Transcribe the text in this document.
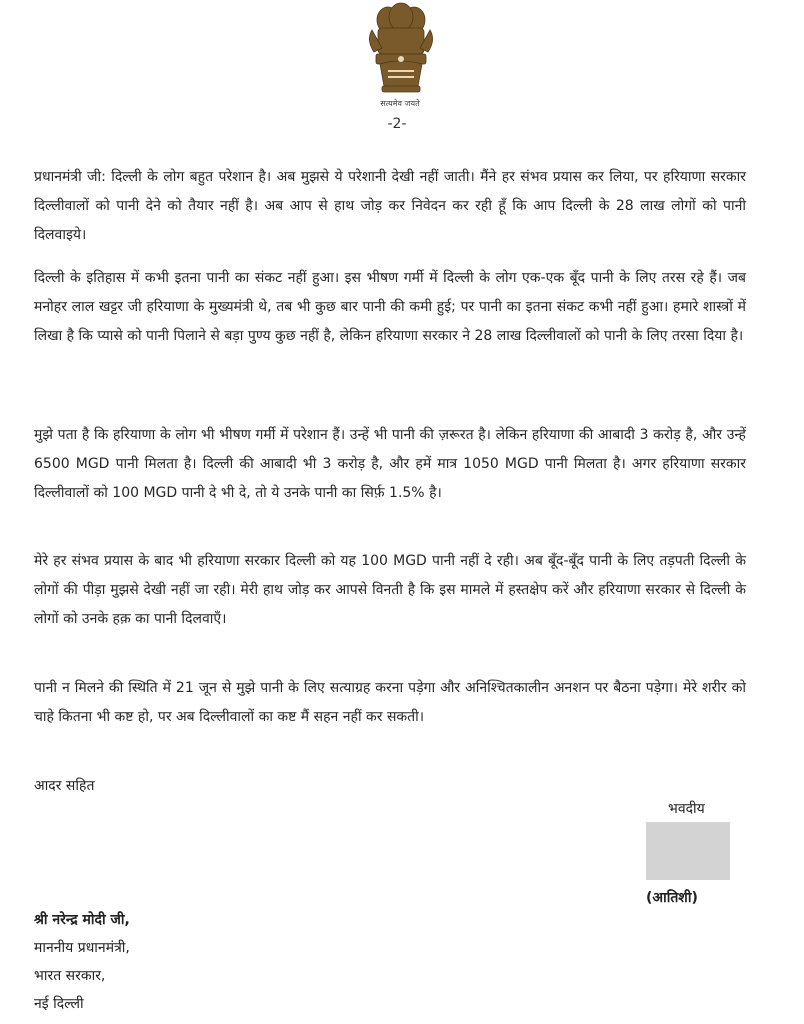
सत्यमेव जयते
-2-

प्रधानमंत्री जी: दिल्ली के लोग बहुत परेशान है। अब मुझसे ये परेशानी देखी नहीं जाती। मैंने हर संभव प्रयास कर लिया, पर हरियाणा सरकार दिल्लीवालों को पानी देने को तैयार नहीं है। अब आप से हाथ जोड़ कर निवेदन कर रही हूँ कि आप दिल्ली के 28 लाख लोगों को पानी दिलवाइये।

दिल्ली के इतिहास में कभी इतना पानी का संकट नहीं हुआ। इस भीषण गर्मी में दिल्ली के लोग एक-एक बूँद पानी के लिए तरस रहे हैं। जब मनोहर लाल खट्टर जी हरियाणा के मुख्यमंत्री थे, तब भी कुछ बार पानी की कमी हुई; पर पानी का इतना संकट कभी नहीं हुआ। हमारे शास्त्रों में लिखा है कि प्यासे को पानी पिलाने से बड़ा पुण्य कुछ नहीं है, लेकिन हरियाणा सरकार ने 28 लाख दिल्लीवालों को पानी के लिए तरसा दिया है।

मुझे पता है कि हरियाणा के लोग भी भीषण गर्मी में परेशान हैं। उन्हें भी पानी की ज़रूरत है। लेकिन हरियाणा की आबादी 3 करोड़ है, और उन्हें 6500 MGD पानी मिलता है। दिल्ली की आबादी भी 3 करोड़ है, और हमें मात्र 1050 MGD पानी मिलता है। अगर हरियाणा सरकार दिल्लीवालों को 100 MGD पानी दे भी दे, तो ये उनके पानी का सिर्फ़ 1.5% है।

मेरे हर संभव प्रयास के बाद भी हरियाणा सरकार दिल्ली को यह 100 MGD पानी नहीं दे रही। अब बूँद-बूँद पानी के लिए तड़पती दिल्ली के लोगों की पीड़ा मुझसे देखी नहीं जा रही। मेरी हाथ जोड़ कर आपसे विनती है कि इस मामले में हस्तक्षेप करें और हरियाणा सरकार से दिल्ली के लोगों को उनके हक़ का पानी दिलवाएँ।

पानी न मिलने की स्थिति में 21 जून से मुझे पानी के लिए सत्याग्रह करना पड़ेगा और अनिश्चितकालीन अनशन पर बैठना पड़ेगा। मेरे शरीर को चाहे कितना भी कष्ट हो, पर अब दिल्लीवालों का कष्ट मैं सहन नहीं कर सकती।

आदर सहित
भवदीय
(आतिशी)
श्री नरेन्द्र मोदी जी,
माननीय प्रधानमंत्री,
भारत सरकार,
नई दिल्ली
